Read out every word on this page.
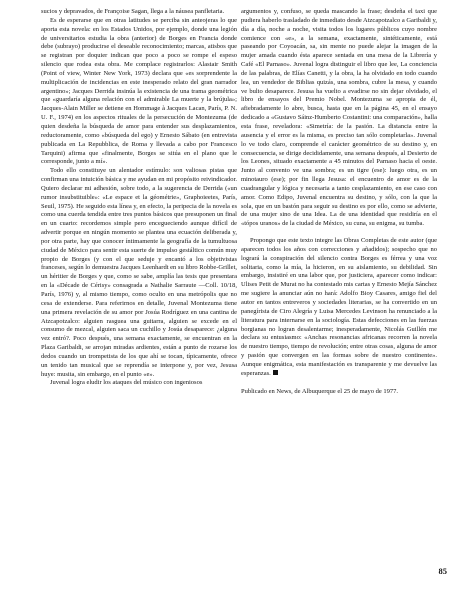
sucios y depravados, de Françoise Sagan, llega a la náusea panfletaria.

Es de esperarse que en otras latitudes se perciba sin anteojeras lo que aporta esta novela: en los Estados Unidos, por ejemplo, donde una legión de universitarios estudia la obra (anterior) de Borges en Francia donde debe (subrayo) producirse el deseable reconocimiento; marcas, atisbos que se registran por doquier indican que poco a poco se rompe el espeso silencio que rodea esta obra. Me complace registrarlos: Alastair Smith (Point of view, Winter New York, 1973) declara que «es sorprendente la multiplicación de incidencias en este inesperado relato del gran narrador argentino»; Jacques Derrida insinúa la existencia de una trama geométrica que «guardaría alguna relación con el admirable La muerte y la brújula»; Jacques-Alain Miller se detiene en Hommage à Jacques Lacan, París, P. N. U. F., 1974) en los aspectos rituales de la persecución de Montezuma (de quien desdeña la búsqueda de amor para entender sus desplazamientos, reductoramente, como «búsqueda del ego) y Ernesto Sábato (en entrevista publicada en La Repubblica, de Roma y llevada a cabo por Francesco Tarquini) afirma que «finalmente, Borges se sitúa en el plano que le corresponde, junto a mí».

Todo ello constituye un alentador estímulo: son valiosas pistas que confirman una intuición básica y me ayudan en mi propósito reivindicador. Quiero declarar mi adhesión, sobre todo, a la sugerencia de Derrida («un rumor insubstituible»: «Le espace et la géométrie», Graphoieetes, París, Seuil, 1975). He seguido esta línea y, en efecto, la peripecia de la novela es como una cuerda tendida entre tres puntos básicos que presuponen un final en un cuarto: recordemos simple pero encegueciendo aunque difícil de advertir porque en ningún momento se plantea una ecuación deliberada y, por otra parte, hay que conocer íntimamente la geografía de la tumultuosa ciudad de México para sentir esta suerte de impulso gestáltico común muy propio de Borges (y con el que seduje y encantó a los objetivistas franceses, según lo demuestra Jacques Leenhardt en su libro Robbe-Grillet, un héritier de Borges y que, como se sabe, amplía las tesis que presentara en la «Décade de Cérisy» consagrada a Nathalie Sarraute —Coll. 10/18, París, 1976) y, al mismo tiempo, como oculto en una metrópolis que no cesa de extenderse. Para referirnos en detalle, Juvenal Montezuma tiene una primera revelación de su amor por Josúa Rodríguez en una cantina de Atzcapotzalco: alguien rasguea una guitarra, alguien se excede en el consumo de mezcal, alguien saca un cuchillo y Josúa desaparece: ¿alguna vez entró?. Poco después, una semana exactamente, se encuentran en la Plaza Garibaldi, se arrojan miradas ardientes, están a punto de rozarse los dedos cuando un trompetista de los que ahí se tocan, típicamente, ofrece un tenido tan musical que se reprendía se interpone y, por vez, Jesusa huye: musita, sin embargo, en el punto «e».

Juvenal logra eludir los ataques del músico con ingeniosos

argumentos y, confuso, se queda mascando la frase; desdeña el taxi que pudiera haberlo trasladado de inmediato desde Atzcapotzalco a Garibaldi y, día a día, noche a noche, visita todos los lugares públicos cuyo nombre comience con «e», a la semana, exactamente, sintéticamente, está paseando por Coyoacán, sa, sin mente no puede alejar la imagen de la mujer amada cuando ésta aparece sentada en una mesa de la Librería y Café «El Parnaso». Juvenal logra distinguir el libro que lee, La conciencia de las palabras, de Elías Canetti, y la obra, la ha olvidado en todo cuando lea, un vendedor de Biblias quizás, una sombra, cubre la mesa, y cuando ve bulto desaparece. Jesusa ha vuelto a evadirse no sin dejar olvidado, el libro de ensayos del Premio Nobel. Montezuma se apropia de él, afiebradamente lo abre, busca, hasta que en la página 45, en el ensayo dedicado a «Gustavo Sáinz-Humberto Costantini: una comparación», halla esta frase, reveladora: «Simetría: de la pasión. La distancia entre la ausencia y el error es la misma, es preciso tan sólo completarla». Juvenal lo ve todo claro, comprende el carácter geométrico de su destino y, en consecuencia, se dirige decididamente, una semana después, al Desierto de los Leones, situado exactamente a 45 minutos del Parnaso hacia el oeste. Junto al convento ve una sombra; es un tigre (ese): luego otra, es un minotauro (ese); por fin llega Jesusa: el encuentro de amor es de la cuadrangular y lógica y necesaria a tanto cesplazamiento, en ese caso con amor. Como Edipo, Juvenal encuentra su destino, y sólo, con la que la sola, que en un bastón para seguir su destino es por ello, como se advierte, de una mujer sino de una Idea. La de una identidad que residiría en el «tópos uranos» de la ciudad de México, su cuna, su enigma, su tumba.

Propongo que este texto integre las Obras Completas de este autor (que aparecen todos los años con correcciones y añadidos); sospecho que no logrará la conspiración del silencio contra Borges es férrea y una voz solitaria, como la mía, la hicieron, en su aislamiento, su debilidad. Sin embargo, insistiré en una labor que, por justiciera, aparecer como indicar: Ulises Petit de Murat no ha contestado mis cartas y Ernesto Mejía Sánchez me sugiere la anunciar aún no hará: Adolfo Bioy Casares, amigo fiel del autor en tantos entreveros y sociedades literarias, se ha convertido en un panegírista de Ciro Alegría y Luisa Mercedes Levinson ha renunciado a la literatura para internarse en la sociología. Estas defecciones en las fuerzas borgianas no logran desalentarme; inesperadamente, Nicolás Guillén me declara su entusiasmo: «Anchas resonancias africanas recorren la novela de nuestro tiempo, tiempo de revolución; entre otras cosas, alguna de amor y pasión que convergen en las formas sobre de nuestro continente». Aunque enigmática, esta manifestación es transparente y me devuelve las esperanzas.

Publicado en News, de Albuquerque el 25 de mayo de 1977.

85
